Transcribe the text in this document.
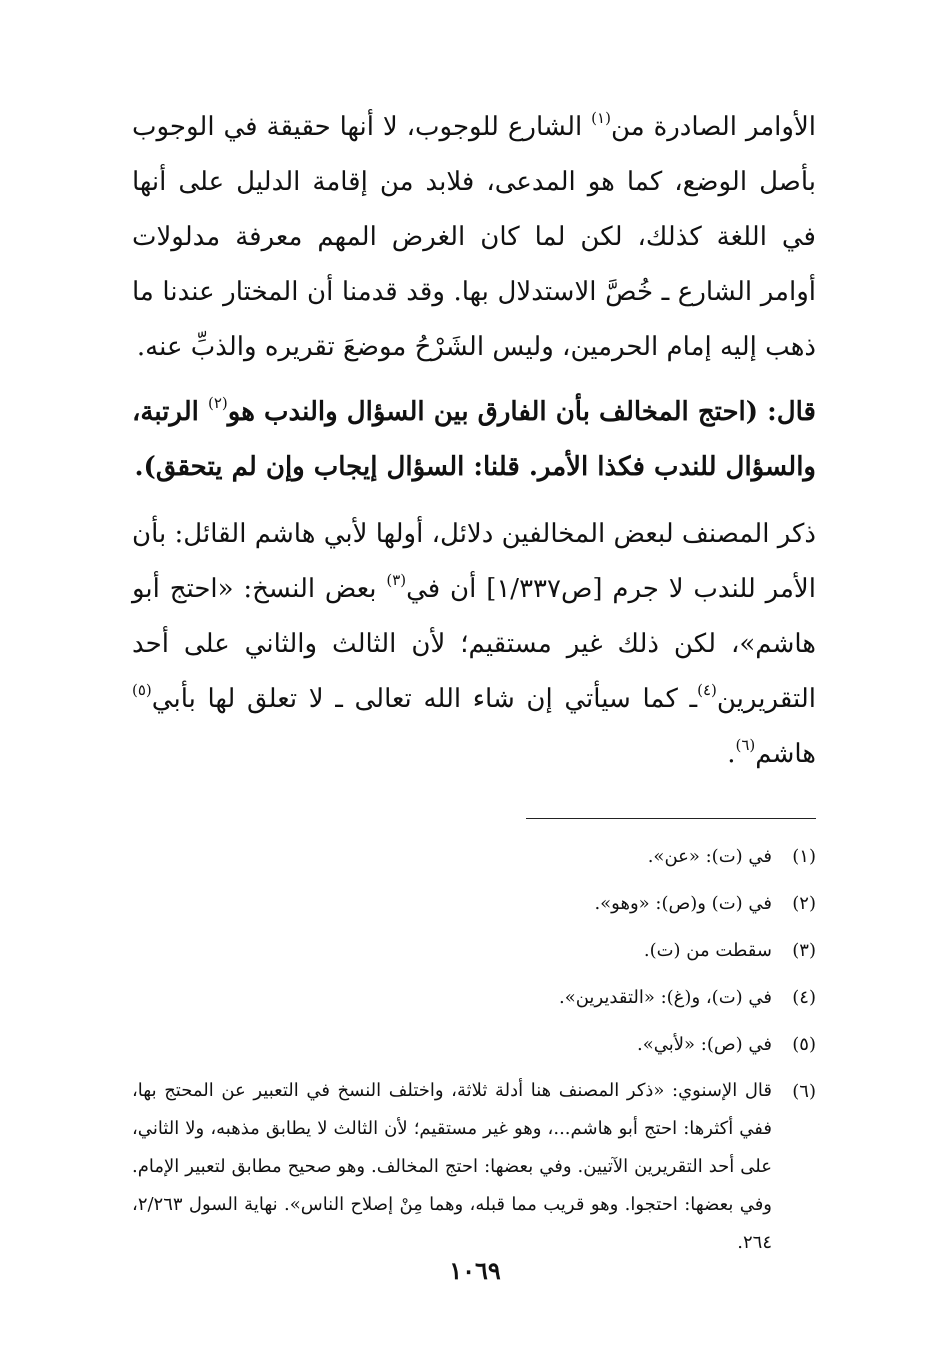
الأوامر الصادرة من$^{(١)}$ الشارع للوجوب، لا أنها حقيقة في الوجوب بأصل الوضع، كما هو المدعى، فلابد من إقامة الدليل على أنها في اللغة كذلك، لكن لما كان الغرض المهم معرفة مدلولات أوامر الشارع ـ خُصَّ الاستدلال بها. وقد قدمنا أن المختار عندنا ما ذهب إليه إمام الحرمين، وليس الشَرْحُ موضعَ تقريره والذبِّ عنه.

قال: (احتج المخالف بأن الفارق بين السؤال والندب هو$^{(٢)}$ الرتبة، والسؤال للندب فكذا الأمر. قلنا: السؤال إيجاب وإن لم يتحقق).

ذكر المصنف لبعض المخالفين دلائل، أولها لأبي هاشم القائل: بأن الأمر للندب لا جرم [ص١/٣٣٧] أن في$^{(٣)}$ بعض النسخ: «احتج أبو هاشم»، لكن ذلك غير مستقيم؛ لأن الثالث والثاني على أحد التقريرين$^{(٤)}$ـ كما سيأتي إن شاء الله تعالى ـ لا تعلق لها بأبي$^{(٥)}$ هاشم$^{(٦)}$.

(١)
في (ت): «عن».
(٢)
في (ت) و(ص): «وهو».
(٣)
سقطت من (ت).
(٤)
في (ت)، و(غ): «التقديرين».
(٥)
في (ص): «لأبي».
(٦)
قال الإسنوي: «ذكر المصنف هنا أدلة ثلاثة، واختلف النسخ في التعبير عن المحتج بها، ففي أكثرها: احتج أبو هاشم...، وهو غير مستقيم؛ لأن الثالث لا يطابق مذهبه، ولا الثاني، على أحد التقريرين الآتيين. وفي بعضها: احتج المخالف. وهو صحيح مطابق لتعبير الإمام. وفي بعضها: احتجوا. وهو قريب مما قبله، وهما مِنْ إصلاح الناس». نهاية السول ٢/٢٦٣، ٢٦٤.
١٠٦٩
